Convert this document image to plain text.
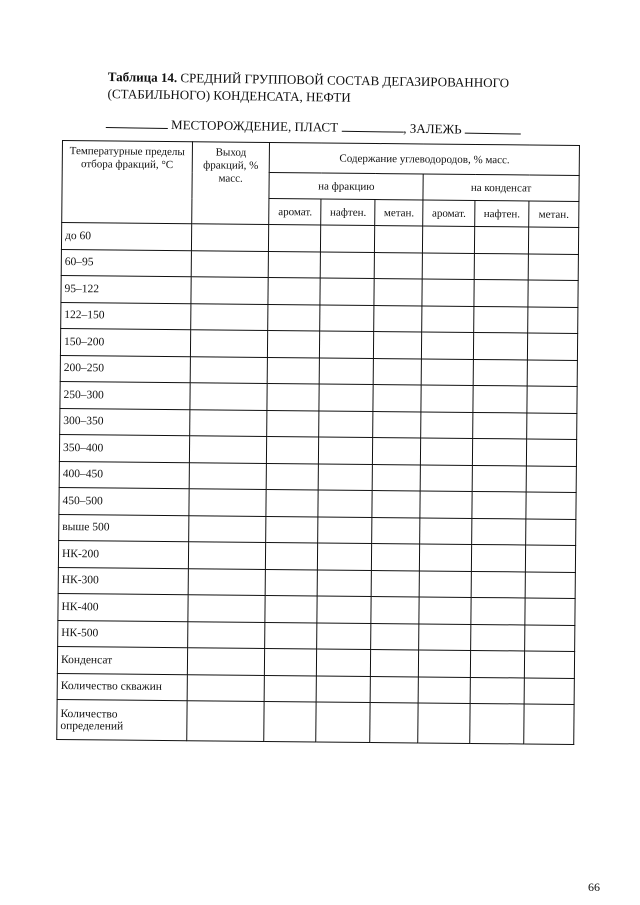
Таблица 14. СРЕДНИЙ ГРУППОВОЙ СОСТАВ ДЕГАЗИРОВАННОГО (СТАБИЛЬНОГО) КОНДЕНСАТА, НЕФТИ
МЕСТОРОЖДЕНИЕ, ПЛАСТ	, ЗАЛЕЖЬ
Температурные пределы отбора фракций, °С	Выход фракций, % масс.	Содержание углеводородов, % масс.					
		на фракцию			на конденсат		
		аромат.	нафтен.	метан.	аромат.	нафтен.	метан.
до 60							
60–95							
95–122							
122–150							
150–200							
200–250							
250–300							
300–350							
350–400							
400–450							
450–500							
выше 500							
НК-200							
НК-300							
НК-400							
НК-500							
Конденсат							
Количество скважин							
Количество определений							
66
